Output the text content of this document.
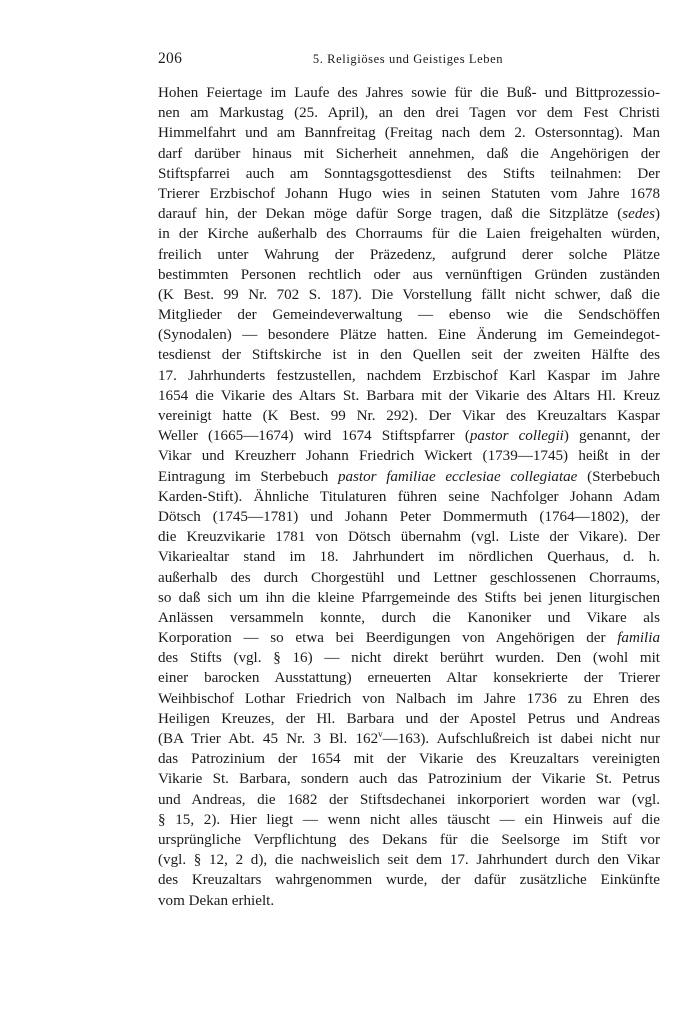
206	5. Religiöses und Geistiges Leben
Hohen Feiertage im Laufe des Jahres sowie für die Buß- und Bittprozessio-
nen am Markustag (25. April), an den drei Tagen vor dem Fest Christi
Himmelfahrt und am Bannfreitag (Freitag nach dem 2. Ostersonntag). Man
darf darüber hinaus mit Sicherheit annehmen, daß die Angehörigen der
Stiftspfarrei auch am Sonntagsgottesdienst des Stifts teilnahmen: Der
Trierer Erzbischof Johann Hugo wies in seinen Statuten vom Jahre 1678
darauf hin, der Dekan möge dafür Sorge tragen, daß die Sitzplätze (sedes)
in der Kirche außerhalb des Chorraums für die Laien freigehalten würden,
freilich unter Wahrung der Präzedenz, aufgrund derer solche Plätze
bestimmten Personen rechtlich oder aus vernünftigen Gründen zuständen
(K Best. 99 Nr. 702 S. 187). Die Vorstellung fällt nicht schwer, daß die
Mitglieder der Gemeindeverwaltung — ebenso wie die Sendschöffen
(Synodalen) — besondere Plätze hatten. Eine Änderung im Gemeindegot-
tesdienst der Stiftskirche ist in den Quellen seit der zweiten Hälfte des
17. Jahrhunderts festzustellen, nachdem Erzbischof Karl Kaspar im Jahre
1654 die Vikarie des Altars St. Barbara mit der Vikarie des Altars Hl. Kreuz
vereinigt hatte (K Best. 99 Nr. 292). Der Vikar des Kreuzaltars Kaspar
Weller (1665—1674) wird 1674 Stiftspfarrer (pastor collegii) genannt, der
Vikar und Kreuzherr Johann Friedrich Wickert (1739—1745) heißt in der
Eintragung im Sterbebuch pastor familiae ecclesiae collegiatae (Sterbebuch
Karden-Stift). Ähnliche Titulaturen führen seine Nachfolger Johann Adam
Dötsch (1745—1781) und Johann Peter Dommermuth (1764—1802), der
die Kreuzvikarie 1781 von Dötsch übernahm (vgl. Liste der Vikare). Der
Vikariealtar stand im 18. Jahrhundert im nördlichen Querhaus, d. h.
außerhalb des durch Chorgestühl und Lettner geschlossenen Chorraums,
so daß sich um ihn die kleine Pfarrgemeinde des Stifts bei jenen liturgischen
Anlässen versammeln konnte, durch die Kanoniker und Vikare als
Korporation — so etwa bei Beerdigungen von Angehörigen der familia
des Stifts (vgl. § 16) — nicht direkt berührt wurden. Den (wohl mit
einer barocken Ausstattung) erneuerten Altar konsekrierte der Trierer
Weihbischof Lothar Friedrich von Nalbach im Jahre 1736 zu Ehren des
Heiligen Kreuzes, der Hl. Barbara und der Apostel Petrus und Andreas
(BA Trier Abt. 45 Nr. 3 Bl. 162$^v$—163). Aufschlußreich ist dabei nicht nur
das Patrozinium der 1654 mit der Vikarie des Kreuzaltars vereinigten
Vikarie St. Barbara, sondern auch das Patrozinium der Vikarie St. Petrus
und Andreas, die 1682 der Stiftsdechanei inkorporiert worden war (vgl.
§ 15, 2). Hier liegt — wenn nicht alles täuscht — ein Hinweis auf die
ursprüngliche Verpflichtung des Dekans für die Seelsorge im Stift vor
(vgl. § 12, 2 d), die nachweislich seit dem 17. Jahrhundert durch den Vikar
des Kreuzaltars wahrgenommen wurde, der dafür zusätzliche Einkünfte
vom Dekan erhielt.
